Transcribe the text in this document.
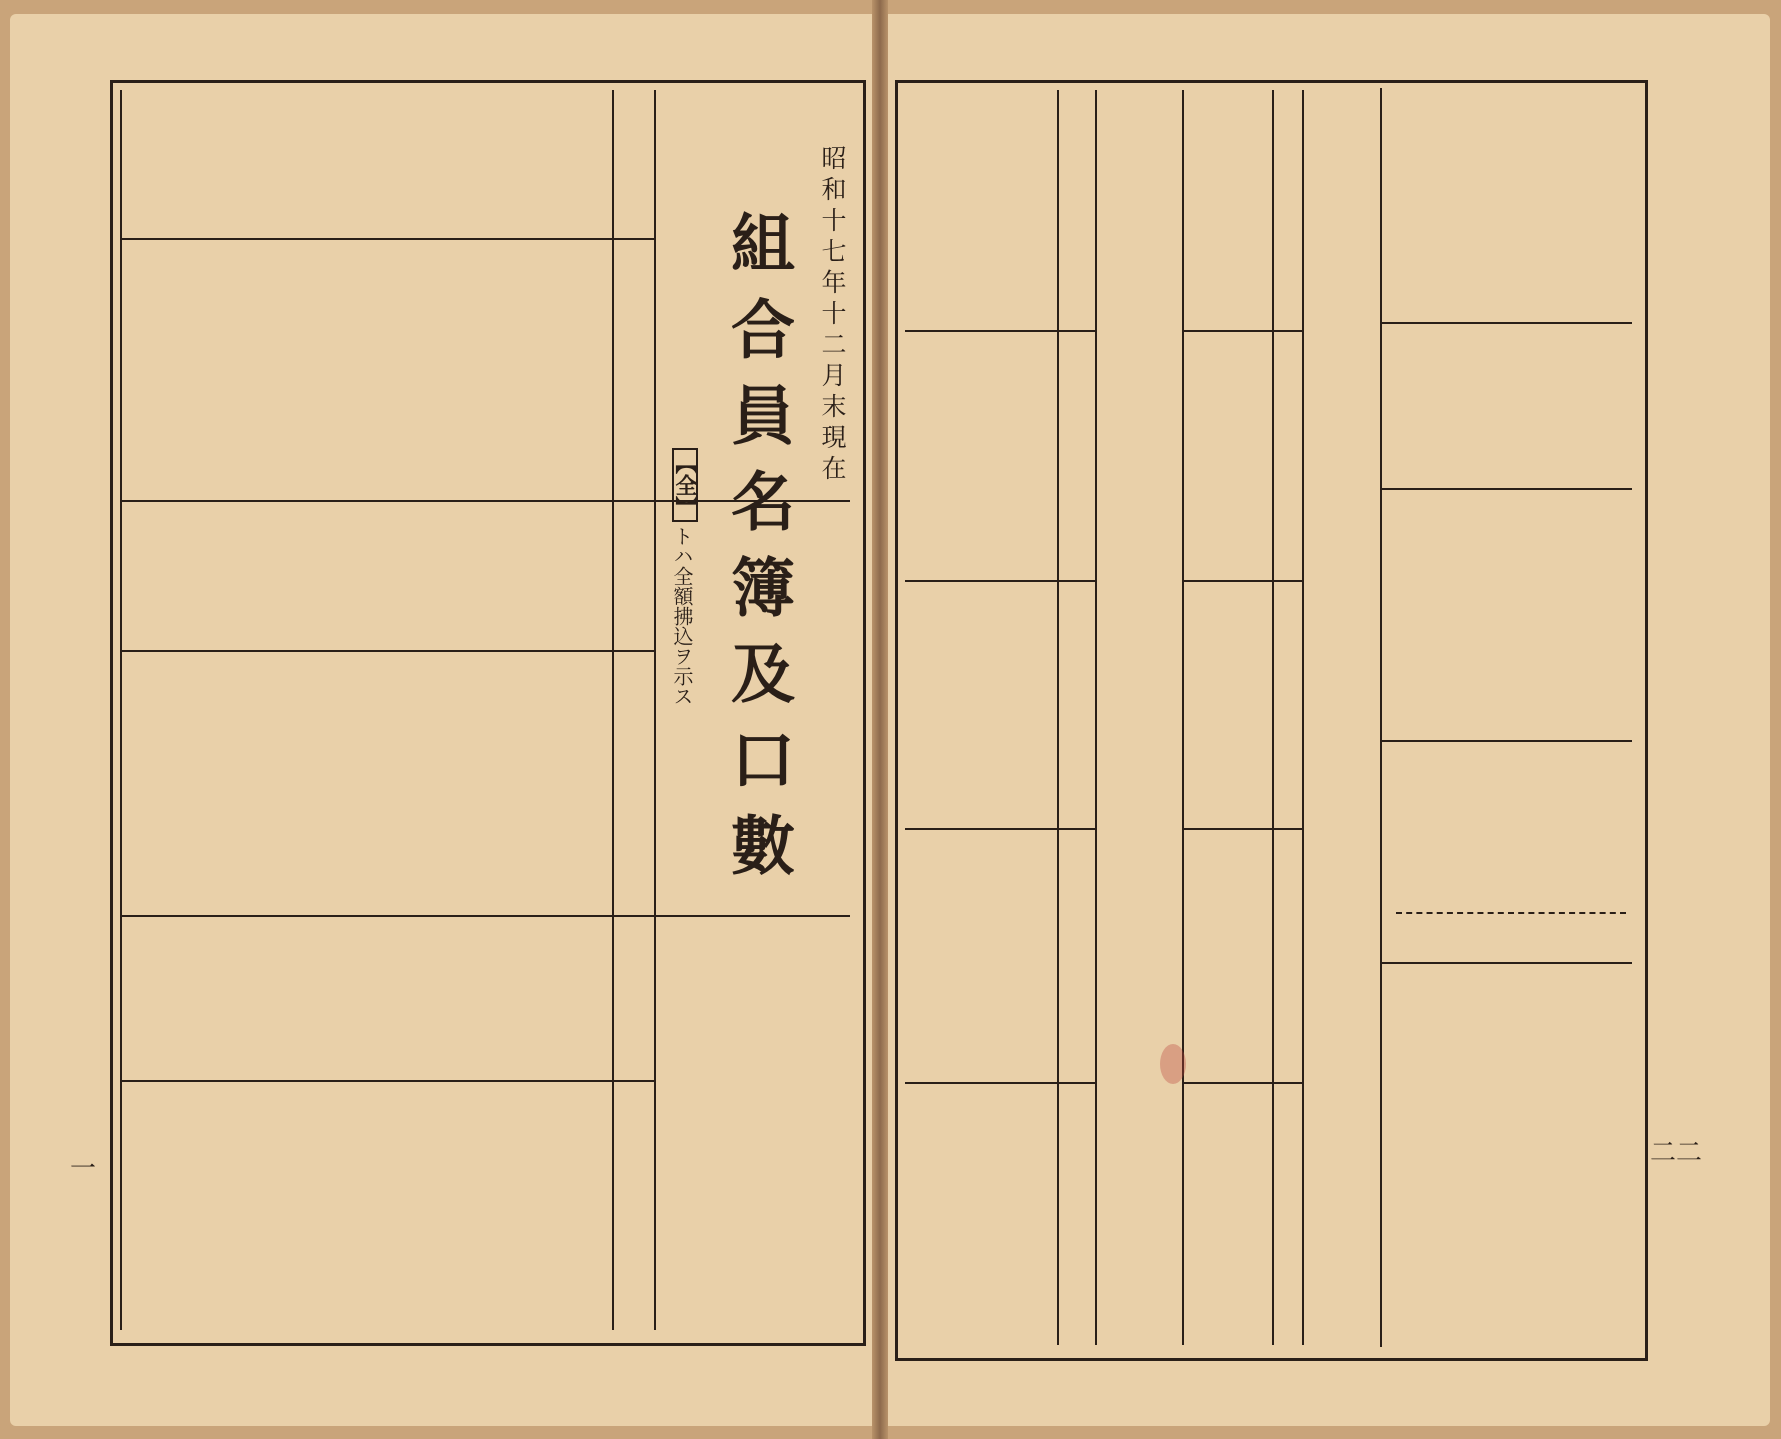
昭和十七年十二月末現在
組合員名簿及口數
【全】
トハ全額拂込ヲ示ス
一
二二
